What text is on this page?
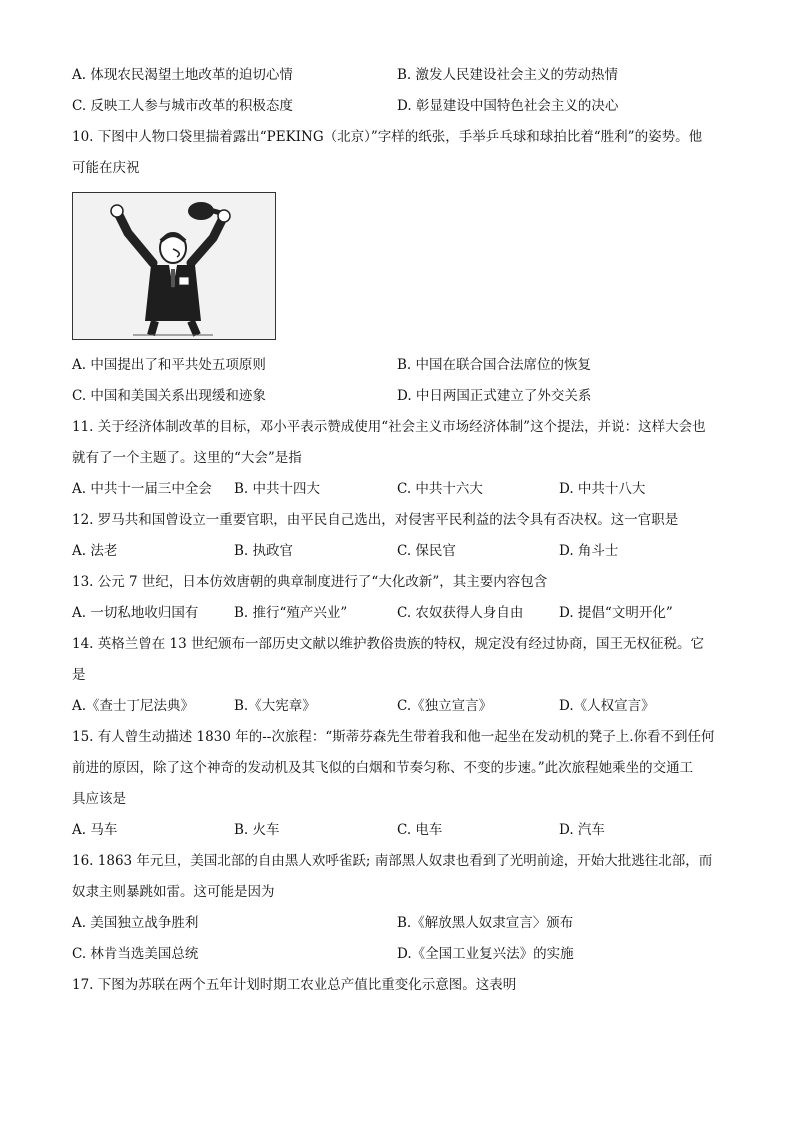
A. 体现农民渴望土地改革的迫切心情	B. 激发人民建设社会主义的劳动热情
C. 反映工人参与城市改革的积极态度	D. 彰显建设中国特色社会主义的决心
10. 下图中人物口袋里揣着露出“PEKING（北京）”字样的纸张，手举乒乓球和球拍比着“胜利”的姿势。他
可能在庆祝
A. 中国提出了和平共处五项原则	B. 中国在联合国合法席位的恢复
C. 中国和美国关系出现缓和迹象	D. 中日两国正式建立了外交关系
11. 关于经济体制改革的目标，邓小平表示赞成使用“社会主义市场经济体制”这个提法，并说：这样大会也
就有了一个主题了。这里的“大会”是指
A. 中共十一届三中全会 B. 中共十四大	C. 中共十六大	D. 中共十八大
12. 罗马共和国曾设立一重要官职，由平民自己选出，对侵害平民利益的法令具有否决权。这一官职是
A. 法老	B. 执政官	C. 保民官	D. 角斗士
13. 公元 7 世纪，日本仿效唐朝的典章制度进行了“大化改新”，其主要内容包含
A. 一切私地收归国有	B. 推行“殖产兴业”	C. 农奴获得人身自由	D. 提倡“文明开化”
14. 英格兰曾在 13 世纪颁布一部历史文献以维护教俗贵族的特权，规定没有经过协商，国王无权征税。它
是
A.《查士丁尼法典》	B.《大宪章》	C.《独立宣言》	D.《人权宣言》
15. 有人曾生动描述 1830 年的--次旅程：“斯蒂芬森先生带着我和他一起坐在发动机的凳子上.你看不到任何
前进的原因，除了这个神奇的发动机及其飞似的白烟和节奏匀称、不变的步速。”此次旅程她乘坐的交通工
具应该是
A. 马车	B. 火车	C. 电车	D. 汽车
16. 1863 年元旦，美国北部的自由黑人欢呼雀跃; 南部黑人奴隶也看到了光明前途，开始大批逃往北部，而
奴隶主则暴跳如雷。这可能是因为
A. 美国独立战争胜利	B.《解放黑人奴隶宣言〉颁布
C. 林肯当选美国总统	D.《全国工业复兴法》的实施
17. 下图为苏联在两个五年计划时期工农业总产值比重变化示意图。这表明
